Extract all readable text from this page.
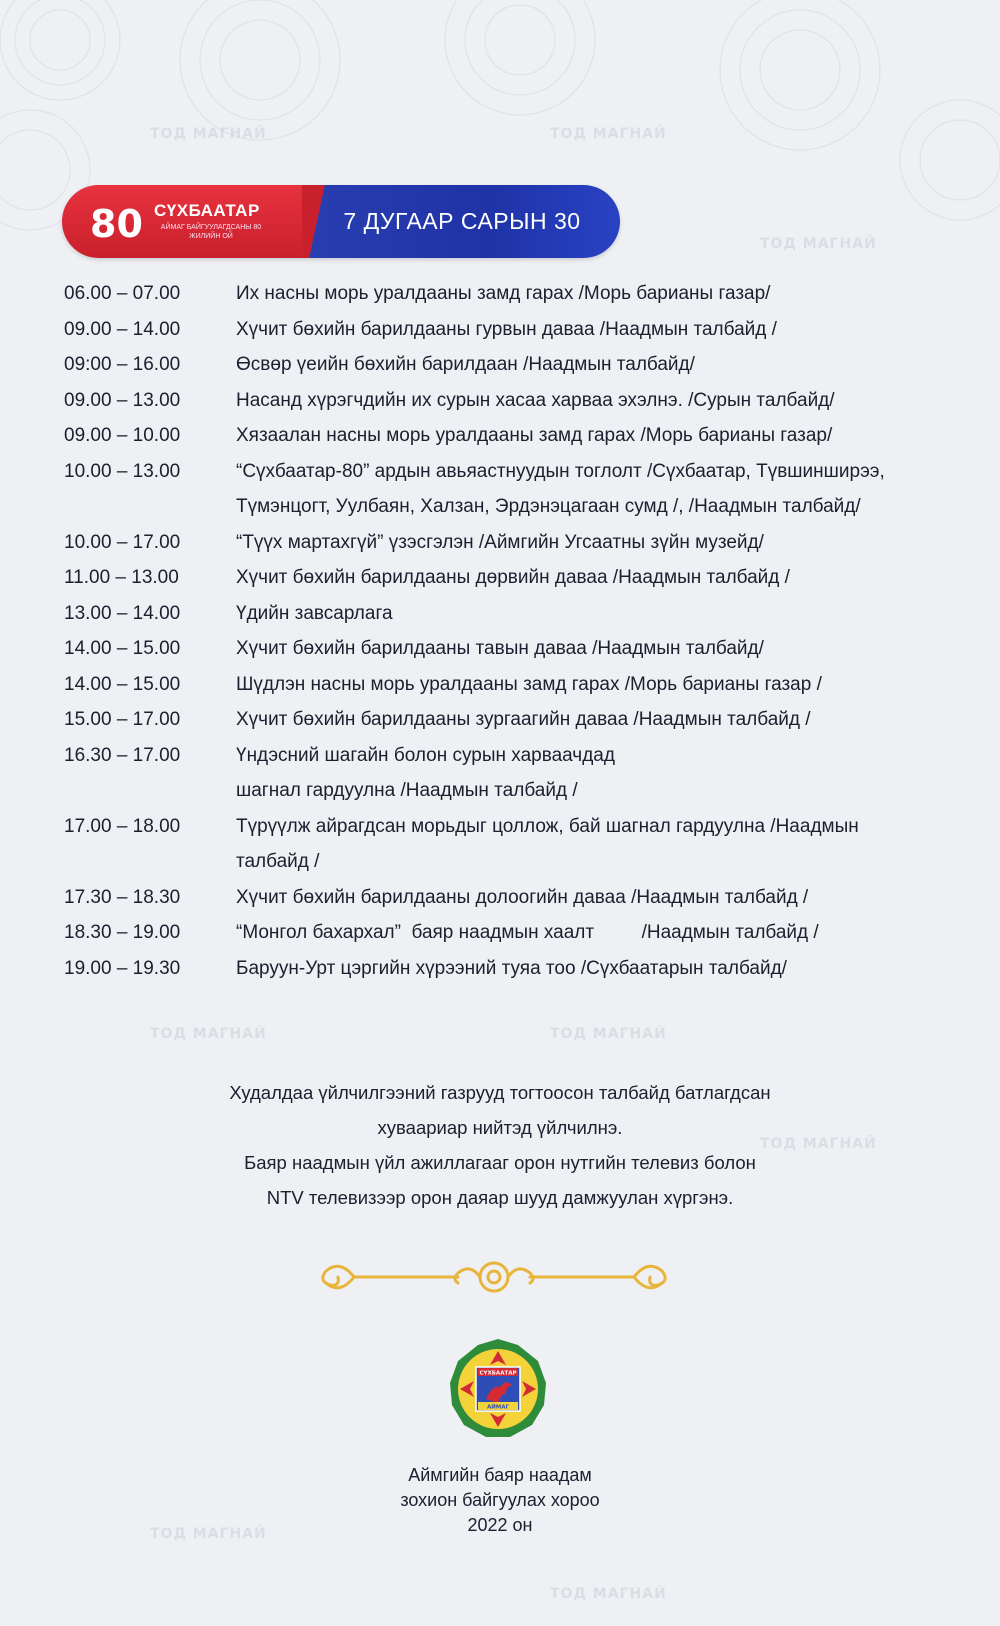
ТОД МАГНАЙ	ТОД МАГНАЙ
ТОД МАГНАЙ
ТОД МАГНАЙ	ТОД МАГНАЙ
ТОД МАГНАЙ
ТОД МАГНАЙ
ТОД МАГНАЙ
80 СҮХБААТАР
АЙМАГ БАЙГУУЛАГДСАНЫ 80 ЖИЛИЙН ОЙ
7 ДУГААР САРЫН 30
06.00 – 07.00	Их насны морь уралдааны замд гарах /Морь барианы газар/
09.00 – 14.00	Хүчит бөхийн барилдааны гурвын даваа /Наадмын талбайд /
09:00 – 16.00	Өсвөр үеийн бөхийн барилдаан /Наадмын талбайд/
09.00 – 13.00	Насанд хүрэгчдийн их сурын хасаа харваа эхэлнэ. /Сурын талбайд/
09.00 – 10.00	Хязаалан насны морь уралдааны замд гарах /Морь барианы газар/
10.00 – 13.00	“Сүхбаатар-80” ардын авьяастнуудын тоглолт /Сүхбаатар, Түвшинширээ, Түмэнцогт, Уулбаян, Халзан, Эрдэнэцагаан сумд /, /Наадмын талбайд/
10.00 – 17.00	“Түүх мартахгүй” үзэсгэлэн /Аймгийн Угсаатны зүйн музейд/
11.00 – 13.00	Хүчит бөхийн барилдааны дөрвийн даваа /Наадмын талбайд /
13.00 – 14.00	Үдийн завсарлага
14.00 – 15.00	Хүчит бөхийн барилдааны тавын даваа /Наадмын талбайд/
14.00 – 15.00	Шүдлэн насны морь уралдааны замд гарах /Морь барианы газар /
15.00 – 17.00	Хүчит бөхийн барилдааны зургаагийн даваа /Наадмын талбайд /
16.30 – 17.00	Үндэсний шагайн болон сурын харваачдад шагнал гардуулна /Наадмын талбайд /
17.00 – 18.00	Түрүүлж айрагдсан морьдыг цоллож, бай шагнал гардуулна /Наадмын талбайд /
17.30 – 18.30	Хүчит бөхийн барилдааны долоогийн даваа /Наадмын талбайд /
18.30 – 19.00	“Монгол бахархал”  баяр наадмын хаалт         /Наадмын талбайд /
19.00 – 19.30	Баруун-Урт цэргийн хүрээний туяа тоо /Сүхбаатарын талбайд/
Худалдаа үйлчилгээний газрууд тогтоосон талбайд батлагдсан
хуваариар нийтэд үйлчилнэ.
Баяр наадмын үйл ажиллагааг орон нутгийн телевиз болон
NTV телевизээр орон даяар шууд дамжуулан хүргэнэ.
СҮХБААТАР
АЙМАГ
Аймгийн баяр наадам
зохион байгуулах хороо
2022 он
